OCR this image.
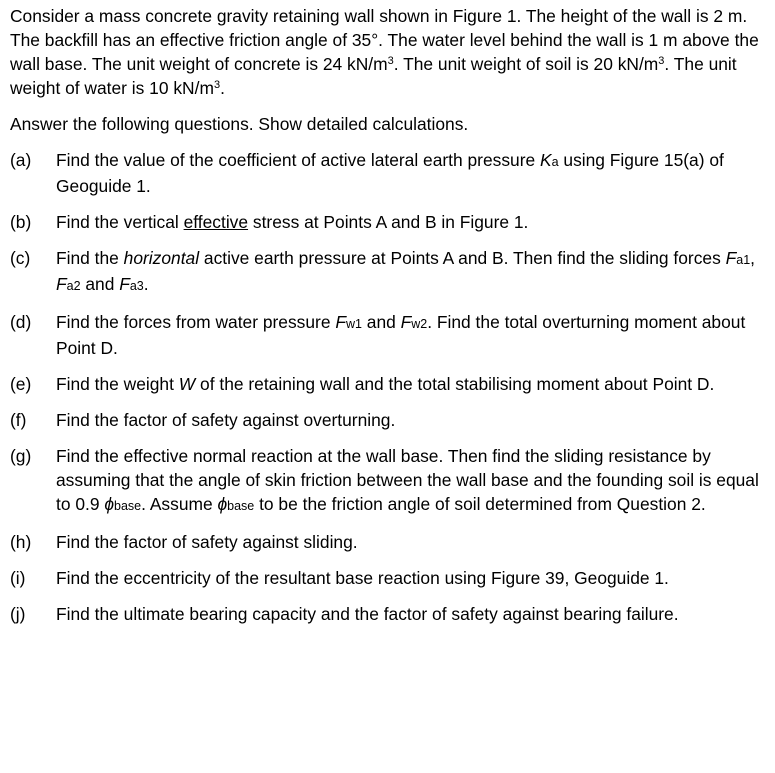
Consider a mass concrete gravity retaining wall shown in Figure 1. The height of the wall is 2 m. The backfill has an effective friction angle of 35°. The water level behind the wall is 1 m above the wall base. The unit weight of concrete is 24 $kN/m^3$. The unit weight of soil is 20 $kN/m^3$. The unit weight of water is 10 $kN/m^3$.

Answer the following questions. Show detailed calculations.

(a)	Find the value of the coefficient of active lateral earth pressure Ka using Figure 15(a) of Geoguide 1.
(b)	Find the vertical effective stress at Points A and B in Figure 1.
(c)	Find the horizontal active earth pressure at Points A and B. Then find the sliding forces Fa1, Fa2 and Fa3.
(d)	Find the forces from water pressure Fw1 and Fw2. Find the total overturning moment about Point D.
(e)	Find the weight W of the retaining wall and the total stabilising moment about Point D.
(f)	Find the factor of safety against overturning.
(g)	Find the effective normal reaction at the wall base. Then find the sliding resistance by assuming that the angle of skin friction between the wall base and the founding soil is equal to 0.9 ϕbase. Assume ϕbase to be the friction angle of soil determined from Question 2.
(h)	Find the factor of safety against sliding.
(i)	Find the eccentricity of the resultant base reaction using Figure 39, Geoguide 1.
(j)	Find the ultimate bearing capacity and the factor of safety against bearing failure.
